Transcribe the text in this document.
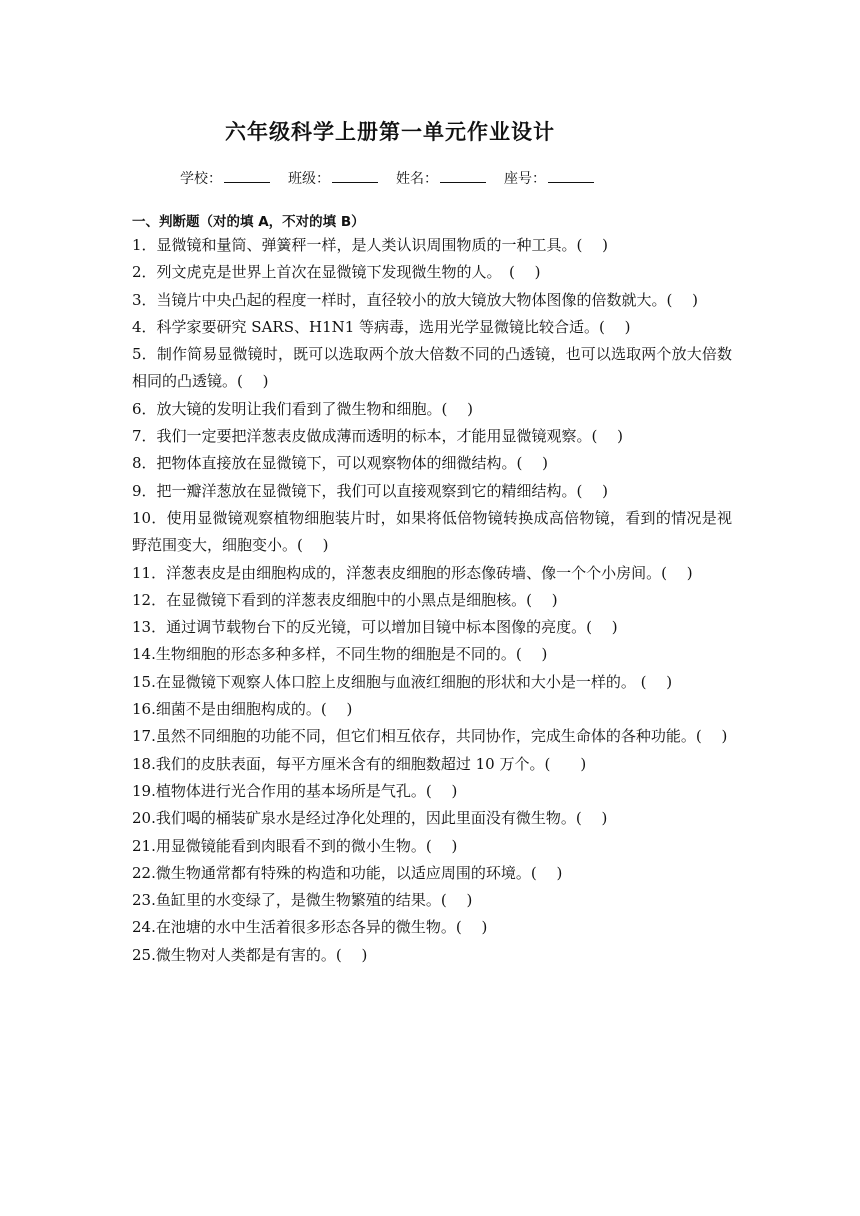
六年级科学上册第一单元作业设计
学校：	班级：	姓名：	座号：
一、判断题（对的填 A，不对的填 B）

1．显微镜和量筒、弹簧秤一样，是人类认识周围物质的一种工具。(　 )

2．列文虎克是世界上首次在显微镜下发现微生物的人。　(　 )

3．当镜片中央凸起的程度一样时，直径较小的放大镜放大物体图像的倍数就大。(　 )

4．科学家要研究 SARS、H1N1 等病毒，选用光学显微镜比较合适。(　 )

5．制作简易显微镜时，既可以选取两个放大倍数不同的凸透镜，也可以选取两个放大倍数相同的凸透镜。(　 )

6．放大镜的发明让我们看到了微生物和细胞。(　 )

7．我们一定要把洋葱表皮做成薄而透明的标本，才能用显微镜观察。(　 )

8．把物体直接放在显微镜下，可以观察物体的细微结构。(　 )

9．把一瓣洋葱放在显微镜下，我们可以直接观察到它的精细结构。(　 )

10．使用显微镜观察植物细胞装片时，如果将低倍物镜转换成高倍物镜，看到的情况是视野范围变大，细胞变小。(　 )

11．洋葱表皮是由细胞构成的，洋葱表皮细胞的形态像砖墙、像一个个小房间。(　 )

12．在显微镜下看到的洋葱表皮细胞中的小黑点是细胞核。(　 )

13．通过调节载物台下的反光镜，可以增加目镜中标本图像的亮度。(　 )

14.生物细胞的形态多种多样，不同生物的细胞是不同的。(　 )

15.在显微镜下观察人体口腔上皮细胞与血液红细胞的形状和大小是一样的。 (　 )

16.细菌不是由细胞构成的。(　 )

17.虽然不同细胞的功能不同，但它们相互依存，共同协作，完成生命体的各种功能。(　 )

18.我们的皮肤表面，每平方厘米含有的细胞数超过 10 万个。(　　)

19.植物体进行光合作用的基本场所是气孔。(　 )

20.我们喝的桶装矿泉水是经过净化处理的，因此里面没有微生物。(　 )

21.用显微镜能看到肉眼看不到的微小生物。(　 )

22.微生物通常都有特殊的构造和功能，以适应周围的环境。(　 )

23.鱼缸里的水变绿了，是微生物繁殖的结果。(　 )

24.在池塘的水中生活着很多形态各异的微生物。(　 )

25.微生物对人类都是有害的。(　 )
